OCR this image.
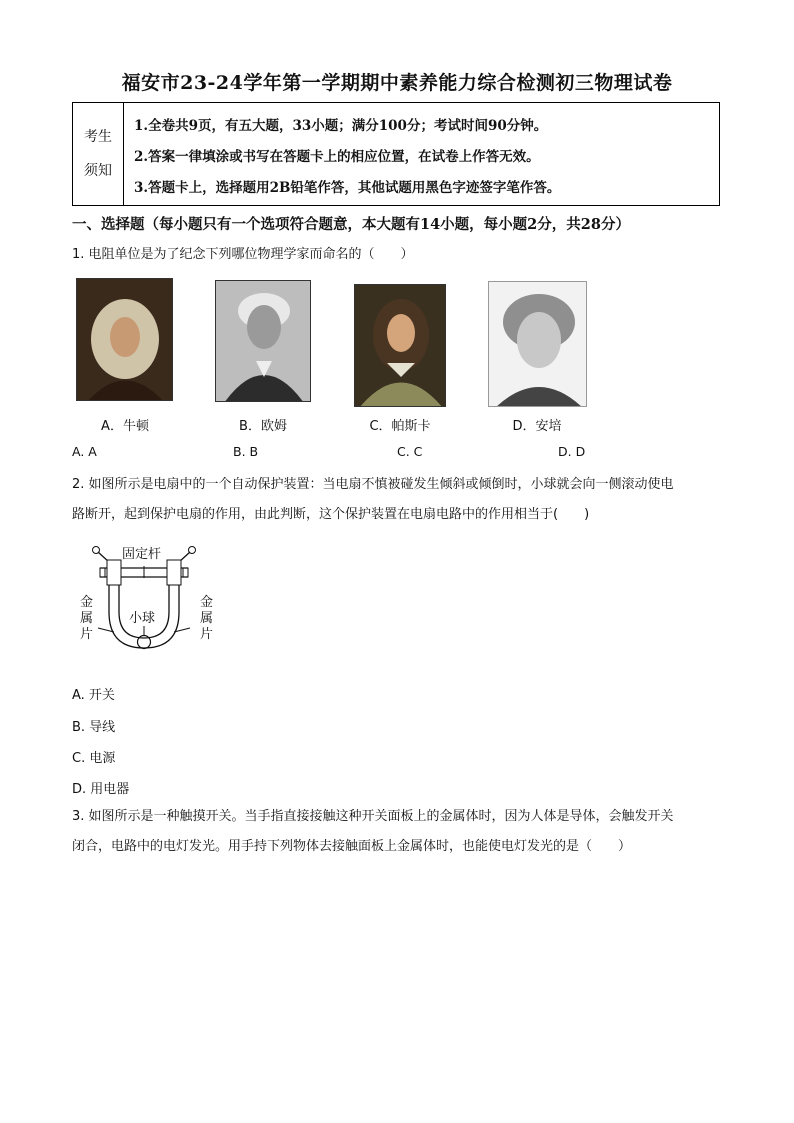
福安市23-24学年第一学期期中素养能力综合检测初三物理试卷
考生
须知
1.全卷共9页，有五大题，33小题；满分100分；考试时间90分钟。
2.答案一律填涂或书写在答题卡上的相应位置，在试卷上作答无效。
3.答题卡上，选择题用2B铅笔作答，其他试题用黑色字迹签字笔作答。
一、选择题（每小题只有一个选项符合题意，本大题有14小题，每小题2分，共28分）
1. 电阻单位是为了纪念下列哪位物理学家而命名的（　　）
A．牛顿	B．欧姆	C．帕斯卡	D．安培
A. A	B. B	C. C	D. D
2. 如图所示是电扇中的一个自动保护装置：当电扇不慎被碰发生倾斜或倾倒时，小球就会向一侧滚动使电
路断开，起到保护电扇的作用，由此判断，这个保护装置在电扇电路中的作用相当于(　　)
固定杆
小球
金
属
片
金
属
片
A. 开关
B. 导线
C. 电源
D. 用电器
3. 如图所示是一种触摸开关。当手指直接接触这种开关面板上的金属体时，因为人体是导体，会触发开关
闭合，电路中的电灯发光。用手持下列物体去接触面板上金属体时，也能使电灯发光的是（　　）
